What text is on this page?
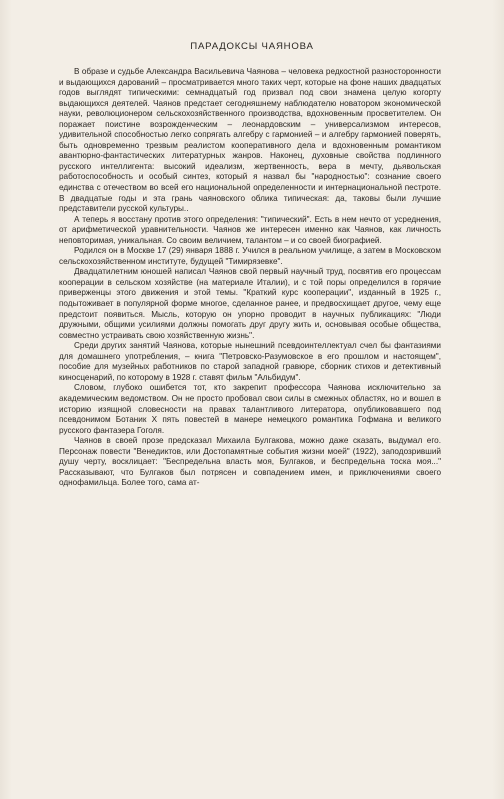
ПАРАДОКСЫ ЧАЯНОВА

В образе и судьбе Александра Васильевича Чаянова – человека редкостной разносторонности и выдающихся дарований – просматривается много таких черт, которые на фоне наших двадцатых годов выглядят типическими: семнадцатый год призвал под свои знамена целую когорту выдающихся деятелей. Чаянов предстает сегодняшнему наблюдателю новатором экономической науки, революционером сельскохозяйственного производства, вдохновенным просветителем. Он поражает поистине возрожденческим – леонардовским – универсализмом интересов, удивительной способностью легко сопрягать алгебру с гармонией – и алгебру гармонией поверять, быть одновременно трезвым реалистом кооперативного дела и вдохновенным романтиком авантюрно-фантастических литературных жанров. Наконец, духовные свойства подлинного русского интеллигента: высокий идеализм, жертвенность, вера в мечту, дьявольская работоспособность и особый синтез, который я назвал бы "народностью": сознание своего единства с отечеством во всей его национальной определенности и интернациональной пестроте. В двадцатые годы и эта грань чаяновского облика типическая: да, таковы были лучшие представители русской культуры..

А теперь я восстану против этого определения: "типический". Есть в нем нечто от усреднения, от арифметической уравнительности. Чаянов же интересен именно как Чаянов, как личность неповторимая, уникальная. Со своим величием, талантом – и со своей биографией.

Родился он в Москве 17 (29) января 1888 г. Учился в реальном училище, а затем в Московском сельскохозяйственном институте, будущей "Тимирязевке".

Двадцатилетним юношей написал Чаянов свой первый научный труд, посвятив его процессам кооперации в сельском хозяйстве (на материале Италии), и с той поры определился в горячие приверженцы этого движения и этой темы. "Краткий курс кооперации", изданный в 1925 г., подытоживает в популярной форме многое, сделанное ранее, и предвосхищает другое, чему еще предстоит появиться. Мысль, которую он упорно проводит в научных публикациях: "Люди дружными, общими усилиями должны помогать друг другу жить и, основывая особые общества, совместно устраивать свою хозяйственную жизнь".

Среди других занятий Чаянова, которые нынешний псевдоинтеллектуал счел бы фантазиями для домашнего употребления, – книга "Петровско-Разумовское в его прошлом и настоящем", пособие для музейных работников по старой западной гравюре, сборник стихов и детективный киносценарий, по которому в 1928 г. ставят фильм "Альбидум".

Словом, глубоко ошибется тот, кто закрепит профессора Чаянова исключительно за академическим ведомством. Он не просто пробовал свои силы в смежных областях, но и вошел в историю изящной словесности на правах талантливого литератора, опубликовавшего под псевдонимом Ботаник X пять повестей в манере немецкого романтика Гофмана и великого русского фантазера Гоголя.

Чаянов в своей прозе предсказал Михаила Булгакова, можно даже сказать, выдумал его. Персонаж повести "Венедиктов, или Достопамятные события жизни моей" (1922), заподозривший душу черту, восклицает: "Беспредельна власть моя, Булгаков, и беспредельна тоска моя..." Рассказывают, что Булгаков был потрясен и совпадением имен, и приключениями своего однофамильца. Более того, сама ат-
